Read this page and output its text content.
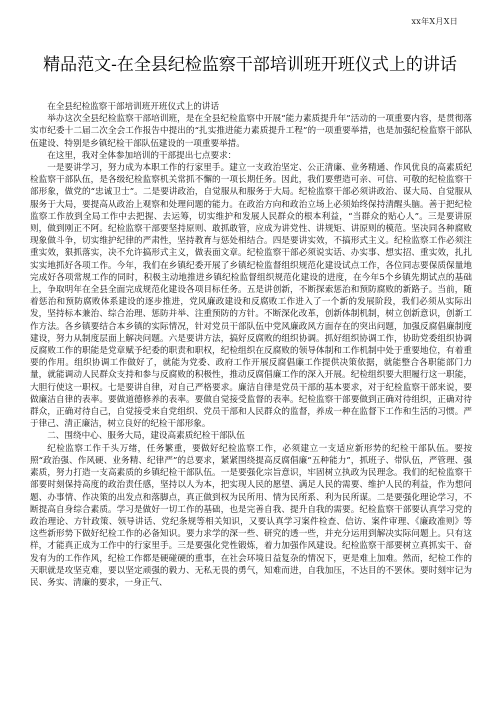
xx年X月X日
精品范文-在全县纪检监察干部培训班开班仪式上的讲话

在全县纪检监察干部培训班开班仪式上的讲话

举办这次全县纪检监察干部培训班，是在全县纪检监察中开展“能力素质提升年”活动的一项重要内容，是贯彻落实市纪委十二届二次全会工作报告中提出的“扎实推进能力素质提升工程”的一项重要举措，也是加强纪检监察干部队伍建设、特别是乡镇纪检干部队伍建设的一项重要举措。

在这里，我对全体参加培训的干部提出七点要求：

一是要讲学习，努力成为本职工作的行家里手。建立一支政治坚定、公正清廉、业务精通、作风优良的高素质纪检监察干部队伍，是各级纪检监察机关常抓不懈的一项长期任务。因此，我们要塑造可亲、可信、可敬的纪检监察干部形象，做党的“忠诚卫士”。二是要讲政治，自觉服从和服务于大局。纪检监察干部必须讲政治、谋大局、自觉服从服务于大局，要提高从政治上观察和处理问题的能力。在政治方向和政治立场上必须始终保持清醒头脑。善于把纪检监察工作放到全局工作中去把握、去运筹，切实维护和发展人民群众的根本利益，“当群众的贴心人”。三是要讲原则，做到刚正不阿。纪检监察干部要坚持原则、敢抓敢管，应成为讲党性、讲规矩、讲原则的模范。坚决同各种腐败现象做斗争，切实维护纪律的严肃性，坚持教育与惩处相结合。四是要讲实效，不搞形式主义。纪检监察工作必须注重实效，狠抓落实，决不允许搞形式主义，做表面文章。纪检监察干部必须说实话、办实事、想实招、重实效，扎扎实实地抓好各项工作。今年，我们在乡镇纪委开展了乡镇纪检监督组织规范化建设试点工作，各位同志要保质保量地完成好各项常规工作的同时，积极主动地推进乡镇纪检监督组织规范化建设的进度，在今年5个乡镇先期试点的基础上，争取明年在全县全面完成规范化建设各项目标任务。五是讲创新，不断探索惩治和预防腐败的新路子。当前，随着惩治和预防腐败体系建设的逐步推进，党风廉政建设和反腐败工作进入了一个新的发展阶段，我们必须从实际出发，坚持标本兼治、综合治理、惩防并举、注重预防的方针。不断深化改革，创新体制机制，树立创新意识，创新工作方法。各乡镇要结合本乡镇的实际情况，针对党员干部队伍中党风廉政风方面存在的突出问题，加强反腐倡廉制度建设，努力从制度层面上解决问题。六是要讲方法，搞好反腐败的组织协调。抓好组织协调工作，协助党委组织协调反腐败工作的职能是党章赋予纪委的职责和职权，纪检组织在反腐败的领导体制和工作机制中处于重要地位，有着重要的作用。组织协调工作做好了，就能为党委、政府工作开展反腐倡廉工作提供决策依据，就能整合各职能部门力量，就能调动人民群众支持和参与反腐败的积极性，推动反腐倡廉工作的深入开展。纪检组织要大胆履行这一职能，大胆行使这一职权。七是要讲自律，对自己严格要求。廉洁自律是党员干部的基本要求，对于纪检监察干部来说，要做廉洁自律的表率。要做道德修养的表率。要做自觉接受监督的表率。纪检监察干部要做到正确对待组织，正确对待群众，正确对待自己，自觉接受来自党组织、党员干部和人民群众的监督，养成一种在监督下工作和生活的习惯。严于律己、清正廉洁，树立良好的纪检干部形象。

二、围绕中心、服务大局，建设高素质纪检干部队伍

纪检监察工作千头万绪，任务繁重，要做好纪检监察工作，必须建立一支适应新形势的纪检干部队伍。要按照“政治强、作风硬、业务精、纪律严”的总要求，紧紧围绕提高反腐倡廉“五种能力”，抓班子、带队伍，严管理、强素质，努力打造一支高素质的乡镇纪检干部队伍。一是要强化宗旨意识，牢固树立执政为民理念。我们的纪检监察干部要时刻保持高度的政治责任感，坚持以人为本，把实现人民的愿望、满足人民的需要、维护人民的利益，作为想问题、办事情、作决策的出发点和落脚点，真正做到权为民所用、情为民所系、利为民所谋。二是要强化理论学习，不断提高自身综合素质。学习是做好一切工作的基础，也是完善自我、提升自我的需要。纪检监察干部要认真学习党的政治理论、方针政策、领导讲话、党纪条规等相关知识，又要认真学习案件检查、信访、案件审理、《廉政准则》等这些新形势下做好纪检工作的必备知识。要力求学的深一些、研究的透一些，并充分运用到解决实际问题上。只有这样，才能真正成为工作中的行家里手。三是要强化党性锻炼，着力加强作风建设。纪检监察干部要树立真抓实干、奋发有为的工作作风，纪检工作都是硬碰硬的重事，在社会环境日益复杂的情况下，更是难上加难。然而，纪检工作的天职就是攻坚克难，要以坚定顽强的毅力、无私无畏的勇气，知难而进，自我加压，不达目的不罢休。要时刻牢记为民、务实、清廉的要求，一身正气、
